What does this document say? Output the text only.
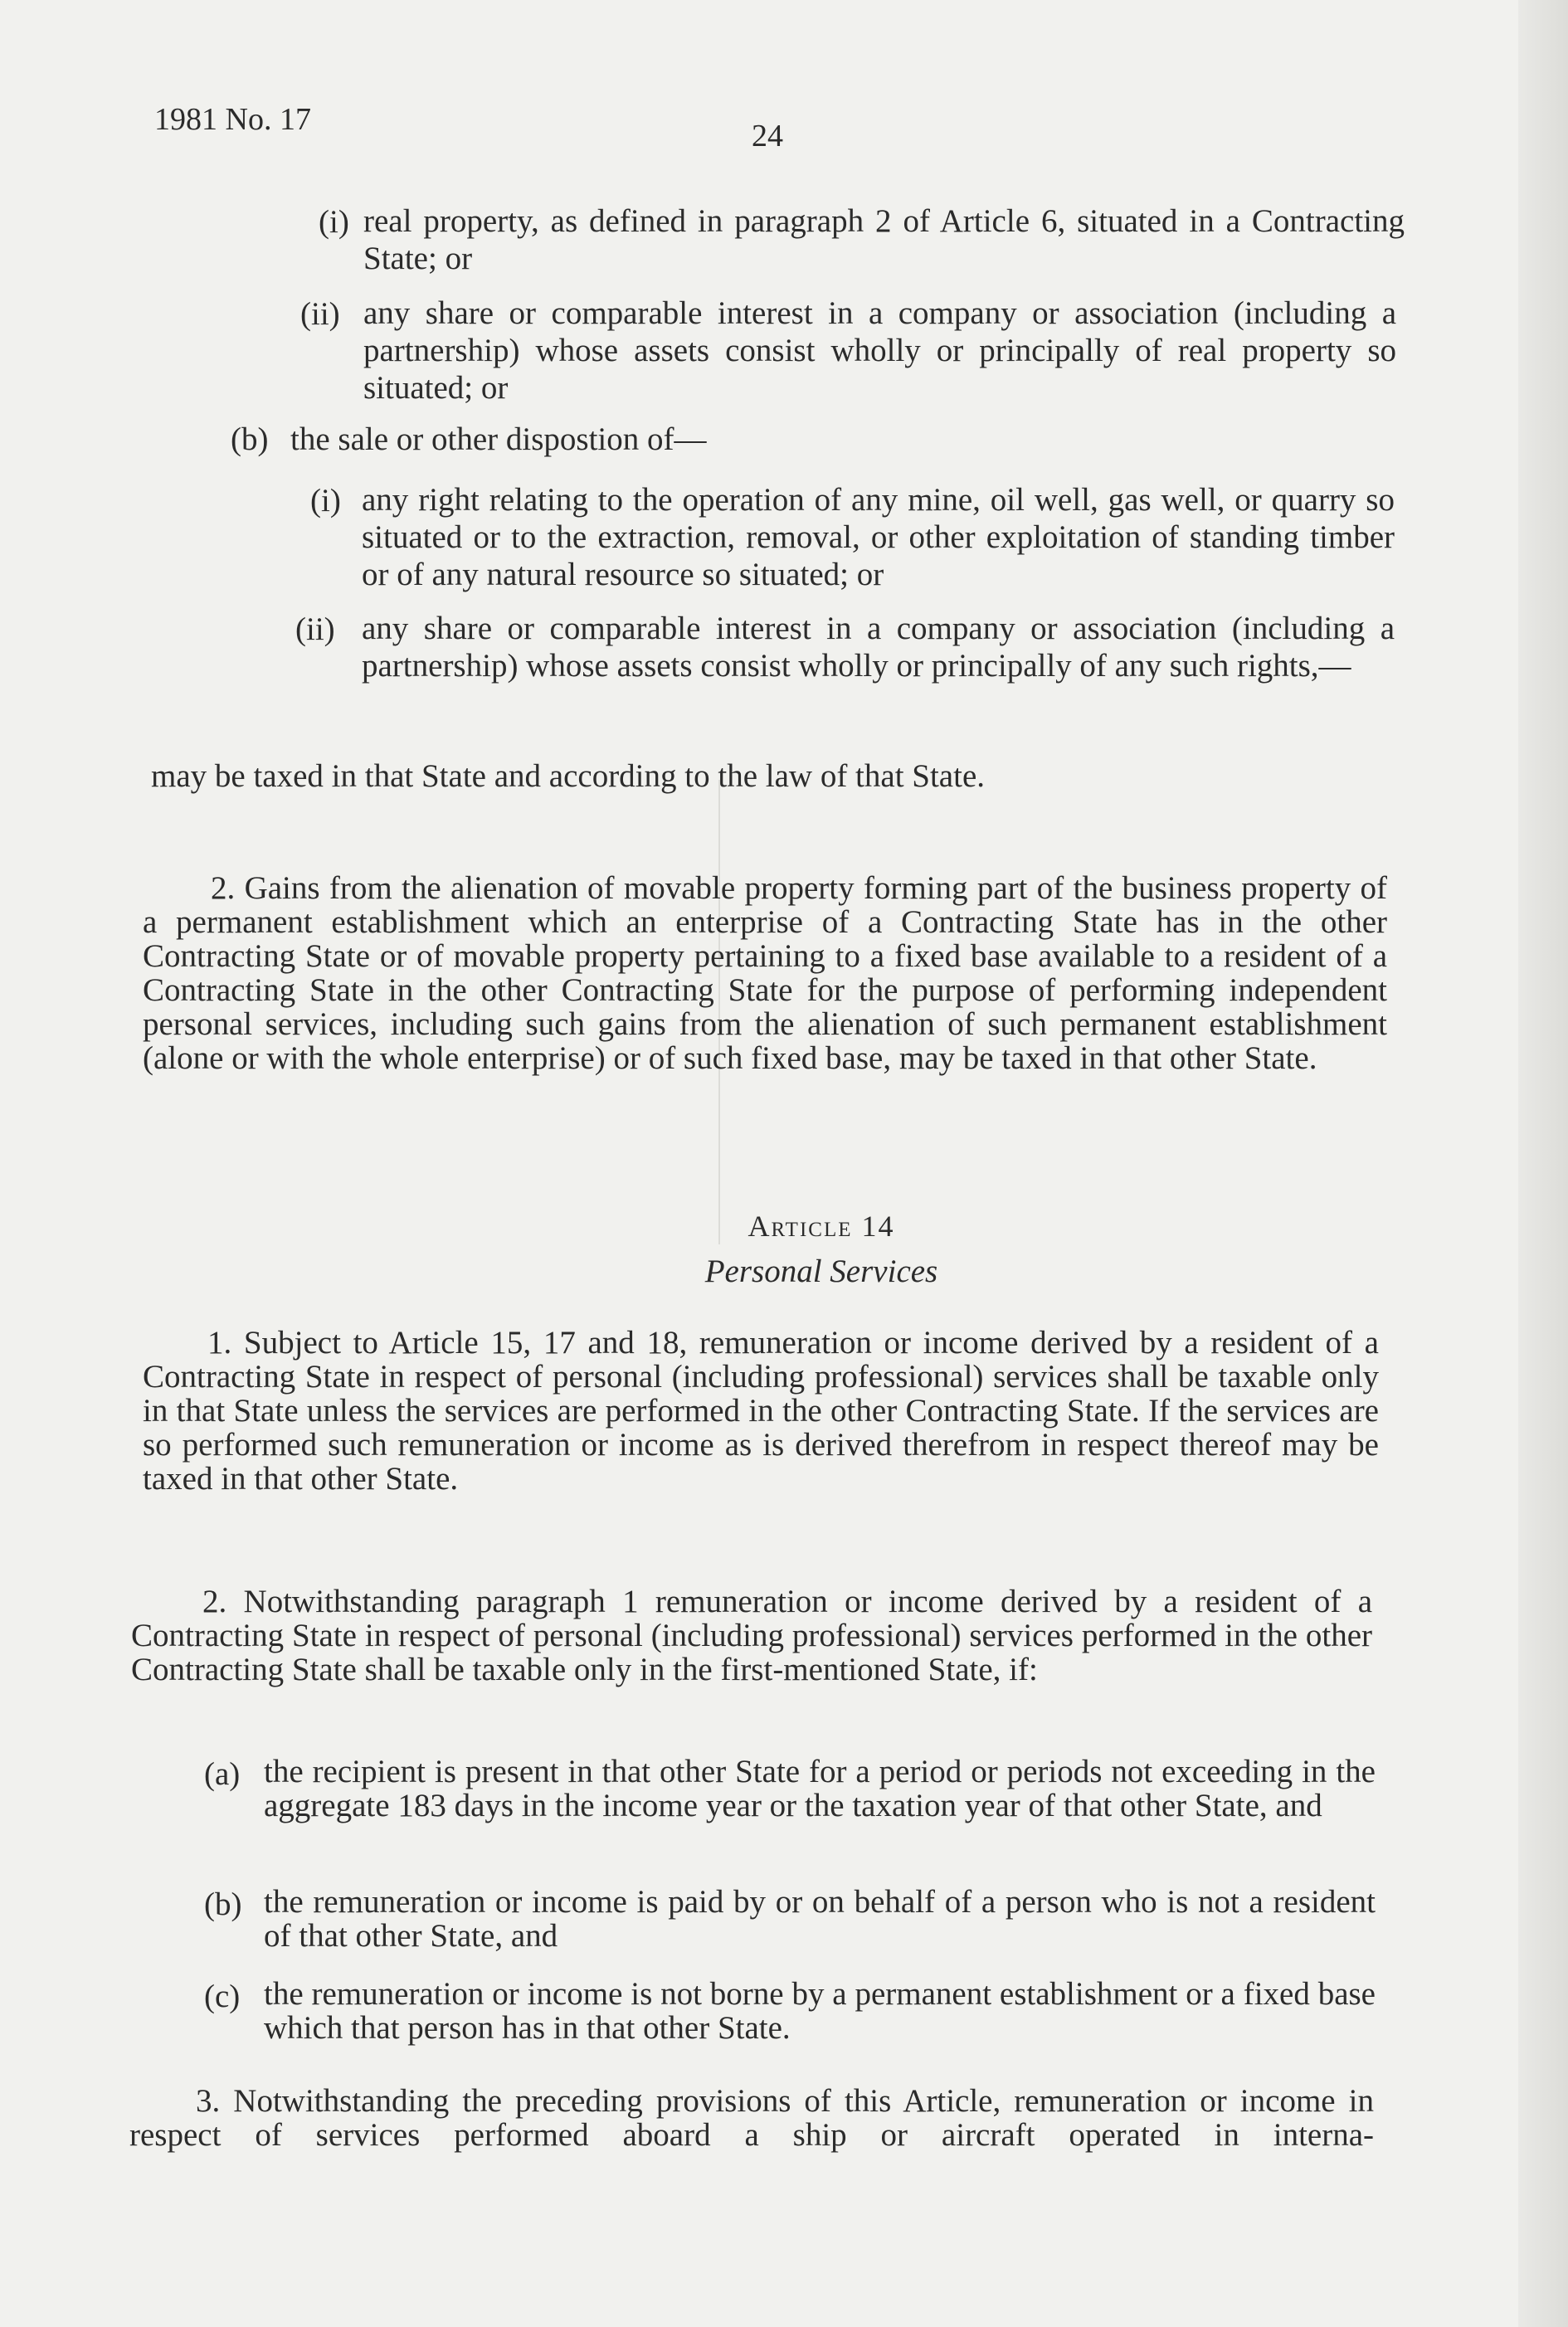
1981 No. 17	24
(i) real property, as defined in paragraph 2 of Article 6, situated in a Contracting State; or
(ii) any share or comparable interest in a company or association (including a partnership) whose assets consist wholly or principally of real property so situated; or
(b) the sale or other dispostion of—
(i) any right relating to the operation of any mine, oil well, gas well, or quarry so situated or to the extraction, removal, or other exploitation of standing timber or of any natural resource so situated; or
(ii) any share or comparable interest in a company or association (including a partnership) whose assets consist wholly or principally of any such rights,—
may be taxed in that State and according to the law of that State.
2. Gains from the alienation of movable property forming part of the business property of a permanent establishment which an enterprise of a Contracting State has in the other Contracting State or of movable property pertaining to a fixed base available to a resident of a Contracting State in the other Contracting State for the purpose of performing independent personal services, including such gains from the alienation of such permanent establishment (alone or with the whole enterprise) or of such fixed base, may be taxed in that other State.
Article 14
Personal Services
1. Subject to Article 15, 17 and 18, remuneration or income derived by a resident of a Contracting State in respect of personal (including professional) services shall be taxable only in that State unless the services are performed in the other Contracting State. If the services are so performed such remuneration or income as is derived therefrom in respect thereof may be taxed in that other State.
2. Notwithstanding paragraph 1 remuneration or income derived by a resident of a Contracting State in respect of personal (including professional) services performed in the other Contracting State shall be taxable only in the first-mentioned State, if:
(a) the recipient is present in that other State for a period or periods not exceeding in the aggregate 183 days in the income year or the taxation year of that other State, and
(b) the remuneration or income is paid by or on behalf of a person who is not a resident of that other State, and
(c) the remuneration or income is not borne by a permanent establishment or a fixed base which that person has in that other State.
3. Notwithstanding the preceding provisions of this Article, remuneration or income in respect of services performed aboard a ship or aircraft operated in interna-
